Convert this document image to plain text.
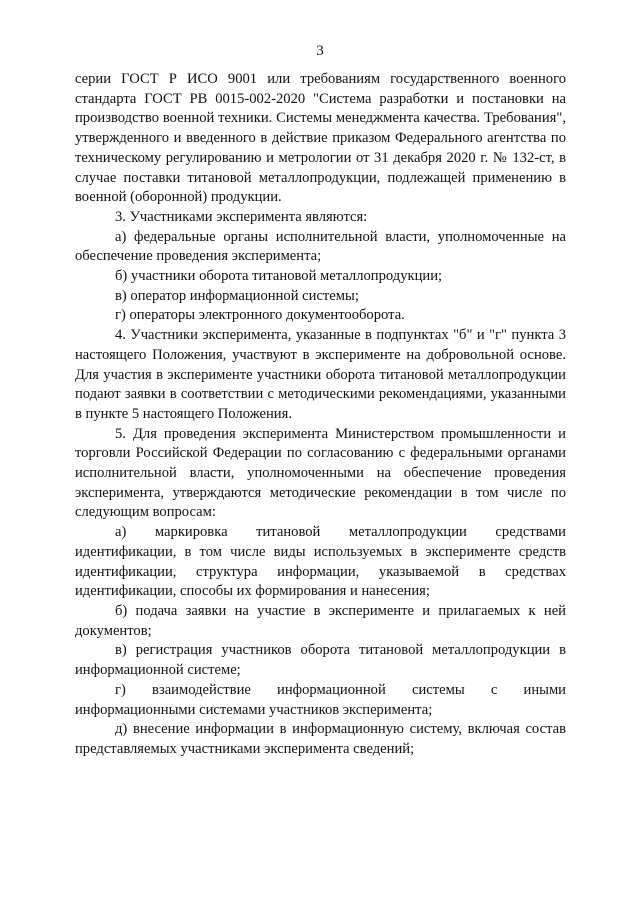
3

серии ГОСТ Р ИСО 9001 или требованиям государственного военного стандарта ГОСТ РВ 0015-002-2020 "Система разработки и постановки на производство военной техники. Системы менеджмента качества. Требования", утвержденного и введенного в действие приказом Федерального агентства по техническому регулированию и метрологии от 31 декабря 2020 г. № 132-ст, в случае поставки титановой металлопродукции, подлежащей применению в военной (оборонной) продукции.

3. Участниками эксперимента являются:

а) федеральные органы исполнительной власти, уполномоченные на обеспечение проведения эксперимента;

б) участники оборота титановой металлопродукции;

в) оператор информационной системы;

г) операторы электронного документооборота.

4. Участники эксперимента, указанные в подпунктах "б" и "г" пункта 3 настоящего Положения, участвуют в эксперименте на добровольной основе. Для участия в эксперименте участники оборота титановой металлопродукции подают заявки в соответствии с методическими рекомендациями, указанными в пункте 5 настоящего Положения.

5. Для проведения эксперимента Министерством промышленности и торговли Российской Федерации по согласованию с федеральными органами исполнительной власти, уполномоченными на обеспечение проведения эксперимента, утверждаются методические рекомендации в том числе по следующим вопросам:

а) маркировка титановой металлопродукции средствами идентификации, в том числе виды используемых в эксперименте средств идентификации, структура информации, указываемой в средствах идентификации, способы их формирования и нанесения;

б) подача заявки на участие в эксперименте и прилагаемых к ней документов;

в) регистрация участников оборота титановой металлопродукции в информационной системе;

г) взаимодействие информационной системы с иными информационными системами участников эксперимента;

д) внесение информации в информационную систему, включая состав представляемых участниками эксперимента сведений;
